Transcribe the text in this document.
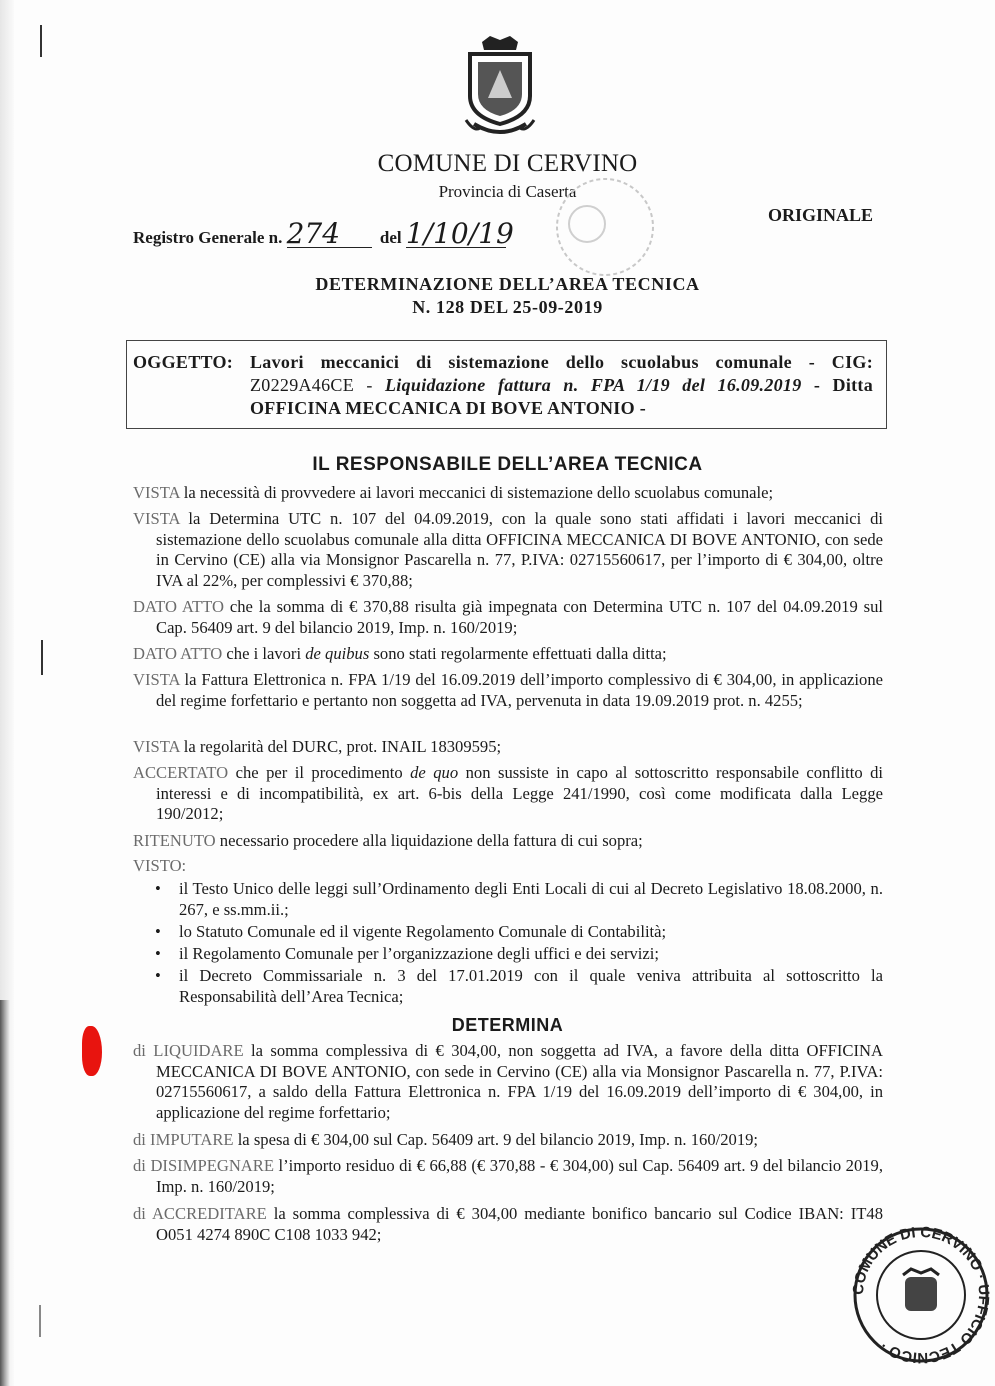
COMUNE DI CERVINO
Provincia di Caserta
ORIGINALE
Registro Generale n. 274 del 1/10/19
DETERMINAZIONE DELL’AREA TECNICA
N. 128 DEL 25-09-2019
OGGETTO: Lavori meccanici di sistemazione dello scuolabus comunale - CIG:
Z0229A46CE - Liquidazione fattura n. FPA 1/19 del 16.09.2019 - Ditta
OFFICINA MECCANICA DI BOVE ANTONIO -
IL RESPONSABILE DELL’AREA TECNICA
VISTA la necessità di provvedere ai lavori meccanici di sistemazione dello scuolabus comunale;
VISTA la Determina UTC n. 107 del 04.09.2019, con la quale sono stati affidati i lavori meccanici di sistemazione dello scuolabus comunale alla ditta OFFICINA MECCANICA DI BOVE ANTONIO, con sede in Cervino (CE) alla via Monsignor Pascarella n. 77, P.IVA: 02715560617, per l’importo di € 304,00, oltre IVA al 22%, per complessivi € 370,88;
DATO ATTO che la somma di € 370,88 risulta già impegnata con Determina UTC n. 107 del 04.09.2019 sul Cap. 56409 art. 9 del bilancio 2019, Imp. n. 160/2019;
DATO ATTO che i lavori de quibus sono stati regolarmente effettuati dalla ditta;
VISTA la Fattura Elettronica n. FPA 1/19 del 16.09.2019 dell’importo complessivo di € 304,00, in applicazione del regime forfettario e pertanto non soggetta ad IVA, pervenuta in data 19.09.2019 prot. n. 4255;
VISTA la regolarità del DURC, prot. INAIL 18309595;
ACCERTATO che per il procedimento de quo non sussiste in capo al sottoscritto responsabile conflitto di interessi e di incompatibilità, ex art. 6-bis della Legge 241/1990, così come modificata dalla Legge 190/2012;
RITENUTO necessario procedere alla liquidazione della fattura di cui sopra;
VISTO:
• il Testo Unico delle leggi sull’Ordinamento degli Enti Locali di cui al Decreto Legislativo 18.08.2000, n. 267, e ss.mm.ii.;
• lo Statuto Comunale ed il vigente Regolamento Comunale di Contabilità;
• il Regolamento Comunale per l’organizzazione degli uffici e dei servizi;
• il Decreto Commissariale n. 3 del 17.01.2019 con il quale veniva attribuita al sottoscritto la Responsabilità dell’Area Tecnica;
DETERMINA
di LIQUIDARE la somma complessiva di € 304,00, non soggetta ad IVA, a favore della ditta OFFICINA MECCANICA DI BOVE ANTONIO, con sede in Cervino (CE) alla via Monsignor Pascarella n. 77, P.IVA: 02715560617, a saldo della Fattura Elettronica n. FPA 1/19 del 16.09.2019 dell’importo di € 304,00, in applicazione del regime forfettario;
di IMPUTARE la spesa di € 304,00 sul Cap. 56409 art. 9 del bilancio 2019, Imp. n. 160/2019;
di DISIMPEGNARE l’importo residuo di € 66,88 (€ 370,88 - € 304,00) sul Cap. 56409 art. 9 del bilancio 2019, Imp. n. 160/2019;
di ACCREDITARE la somma complessiva di € 304,00 mediante bonifico bancario sul Codice IBAN: IT48 O051 4274 890C C108 1033 942;
COMUNE DI CERVINO · UFFICIO TECNICO ·
